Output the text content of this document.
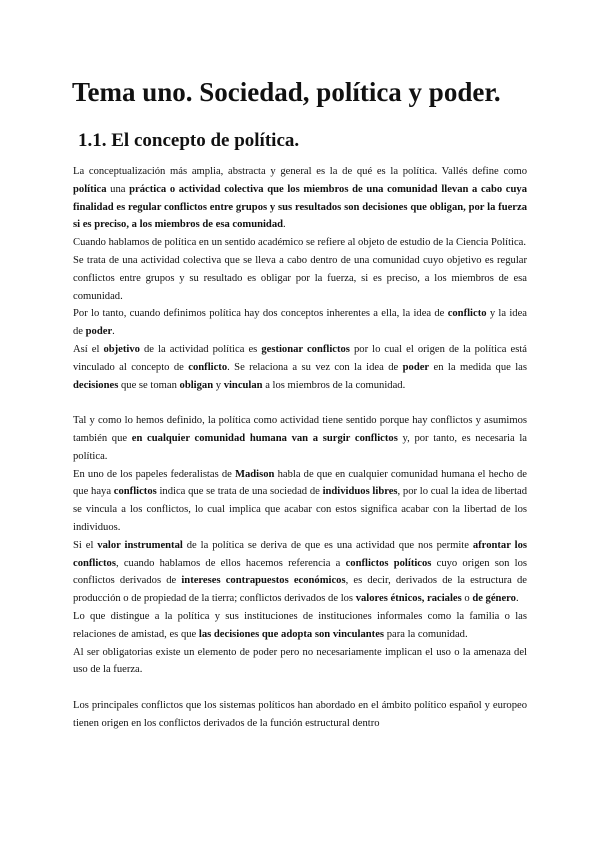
Tema uno. Sociedad, política y poder.
1.1. El concepto de política.

La conceptualización más amplia, abstracta y general es la de qué es la política. Vallés define como política una práctica o actividad colectiva que los miembros de una comunidad llevan a cabo cuya finalidad es regular conflictos entre grupos y sus resultados son decisiones que obligan, por la fuerza si es preciso, a los miembros de esa comunidad.

Cuando hablamos de política en un sentido académico se refiere al objeto de estudio de la Ciencia Política.

Se trata de una actividad colectiva que se lleva a cabo dentro de una comunidad cuyo objetivo es regular conflictos entre grupos y su resultado es obligar por la fuerza, si es preciso, a los miembros de esa comunidad.

Por lo tanto, cuando definimos política hay dos conceptos inherentes a ella, la idea de conflicto y la idea de poder.

Así el objetivo de la actividad política es gestionar conflictos por lo cual el origen de la política está vinculado al concepto de conflicto. Se relaciona a su vez con la idea de poder en la medida que las decisiones que se toman obligan y vinculan a los miembros de la comunidad.

Tal y como lo hemos definido, la política como actividad tiene sentido porque hay conflictos y asumimos también que en cualquier comunidad humana van a surgir conflictos y, por tanto, es necesaria la política.

En uno de los papeles federalistas de Madison habla de que en cualquier comunidad humana el hecho de que haya conflictos indica que se trata de una sociedad de individuos libres, por lo cual la idea de libertad se vincula a los conflictos, lo cual implica que acabar con estos significa acabar con la libertad de los individuos.

Si el valor instrumental de la política se deriva de que es una actividad que nos permite afrontar los conflictos, cuando hablamos de ellos hacemos referencia a conflictos políticos cuyo origen son los conflictos derivados de intereses contrapuestos económicos, es decir, derivados de la estructura de producción o de propiedad de la tierra; conflictos derivados de los valores étnicos, raciales o de género.

Lo que distingue a la política y sus instituciones de instituciones informales como la familia o las relaciones de amistad, es que las decisiones que adopta son vinculantes para la comunidad.

Al ser obligatorias existe un elemento de poder pero no necesariamente implican el uso o la amenaza del uso de la fuerza.

Los principales conflictos que los sistemas políticos han abordado en el ámbito político español y europeo tienen origen en los conflictos derivados de la función estructural dentro
